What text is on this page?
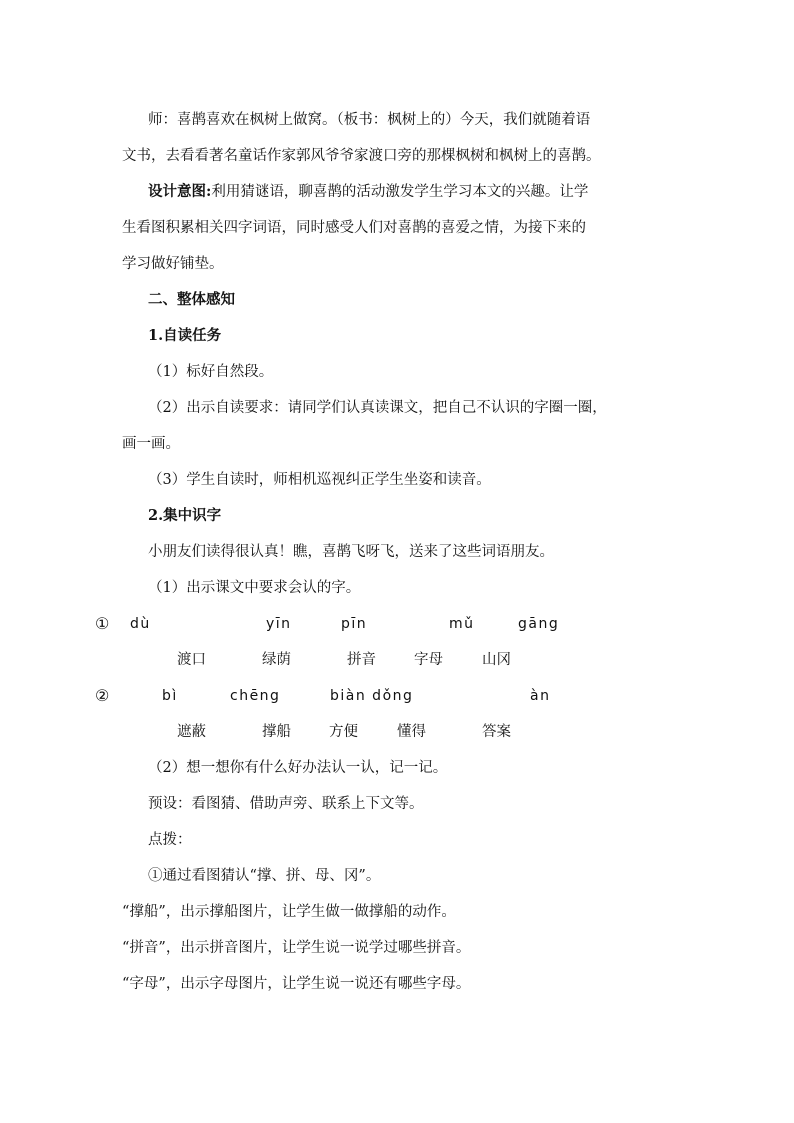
师：喜鹊喜欢在枫树上做窝。（板书：枫树上的）今天，我们就随着语
文书，去看看著名童话作家郭风爷爷家渡口旁的那棵枫树和枫树上的喜鹊。
设计意图:利用猜谜语，聊喜鹊的活动激发学生学习本文的兴趣。让学
生看图积累相关四字词语，同时感受人们对喜鹊的喜爱之情，为接下来的
学习做好铺垫。
二、整体感知
1.自读任务
（1）标好自然段。
（2）出示自读要求：请同学们认真读课文，把自己不认识的字圈一圈，
画一画。
（3）学生自读时，师相机巡视纠正学生坐姿和读音。
2.集中识字
小朋友们读得很认真！瞧，喜鹊飞呀飞，送来了这些词语朋友。
（1）出示课文中要求会认的字。
① dù	yīn	pīn	mǔ	gāng
渡口	绿荫	拼音	字母	山冈
②	bì	chēng	biàn dǒng	àn
遮蔽	撑船	方便	懂得	答案
（2）想一想你有什么好办法认一认，记一记。
预设：看图猜、借助声旁、联系上下文等。
点拨：
①通过看图猜认“撑、拼、母、冈”。
“撑船”，出示撑船图片，让学生做一做撑船的动作。
“拼音”，出示拼音图片，让学生说一说学过哪些拼音。
“字母”，出示字母图片，让学生说一说还有哪些字母。
